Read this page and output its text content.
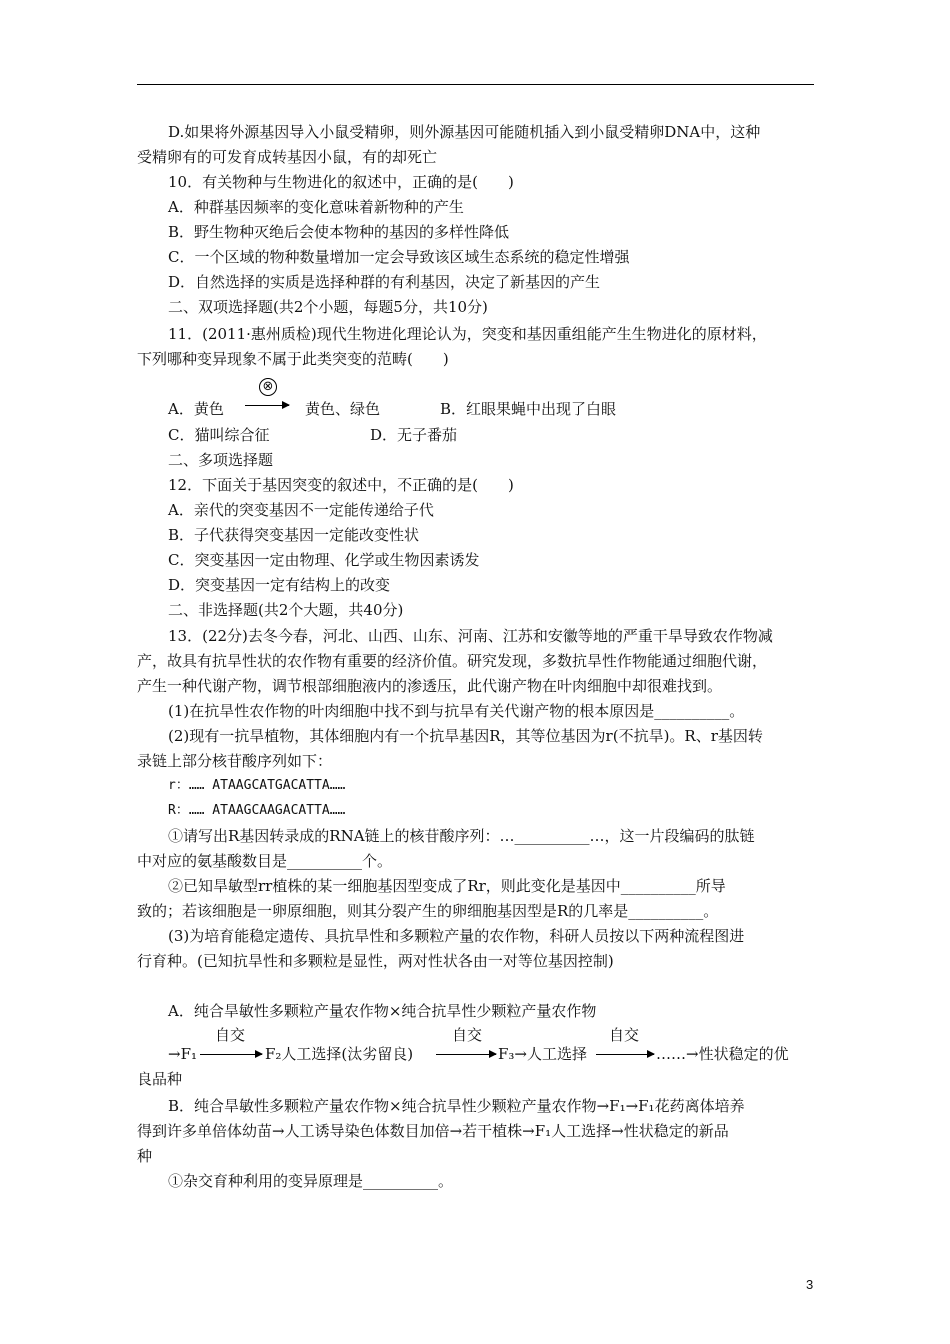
D.如果将外源基因导入小鼠受精卵，则外源基因可能随机插入到小鼠受精卵DNA中，这种
受精卵有的可发育成转基因小鼠，有的却死亡
10．有关物种与生物进化的叙述中，正确的是(　　)
A．种群基因频率的变化意味着新物种的产生
B．野生物种灭绝后会使本物种的基因的多样性降低
C．一个区域的物种数量增加一定会导致该区域生态系统的稳定性增强
D．自然选择的实质是选择种群的有利基因，决定了新基因的产生
二、双项选择题(共2个小题，每题5分，共10分)
11．(2011·惠州质检)现代生物进化理论认为，突变和基因重组能产生生物进化的原材料，
下列哪种变异现象不属于此类突变的范畴(　　)
A．黄色
⊗
黄色、绿色	B．红眼果蝇中出现了白眼
C．猫叫综合征	D．无子番茄
二、多项选择题
12．下面关于基因突变的叙述中，不正确的是(　　)
A．亲代的突变基因不一定能传递给子代
B．子代获得突变基因一定能改变性状
C．突变基因一定由物理、化学或生物因素诱发
D．突变基因一定有结构上的改变
二、非选择题(共2个大题，共40分)
13．(22分)去冬今春，河北、山西、山东、河南、江苏和安徽等地的严重干旱导致农作物减
产，故具有抗旱性状的农作物有重要的经济价值。研究发现，多数抗旱性作物能通过细胞代谢，
产生一种代谢产物，调节根部细胞液内的渗透压，此代谢产物在叶肉细胞中却很难找到。
(1)在抗旱性农作物的叶肉细胞中找不到与抗旱有关代谢产物的根本原因是__________。
(2)现有一抗旱植物，其体细胞内有一个抗旱基因R，其等位基因为r(不抗旱)。R、r基因转
录链上部分核苷酸序列如下：
r：…… ATAAGCATGACATTA……
R：…… ATAAGCAAGACATTA……
①请写出R基因转录成的RNA链上的核苷酸序列：…__________…，这一片段编码的肽链
中对应的氨基酸数目是__________个。
②已知旱敏型rr植株的某一细胞基因型变成了Rr，则此变化是基因中__________所导
致的；若该细胞是一卵原细胞，则其分裂产生的卵细胞基因型是R的几率是__________。
(3)为培育能稳定遗传、具抗旱性和多颗粒产量的农作物，科研人员按以下两种流程图进
行育种。(已知抗旱性和多颗粒是显性，两对性状各由一对等位基因控制)
A．纯合旱敏性多颗粒产量农作物×纯合抗旱性少颗粒产量农作物
→F₁
自交
F₂人工选择(汰劣留良)
自交
F₃→人工选择
自交
……→性状稳定的优
良品种
B．纯合旱敏性多颗粒产量农作物×纯合抗旱性少颗粒产量农作物→F₁→F₁花药离体培养
得到许多单倍体幼苗→人工诱导染色体数目加倍→若干植株→F₁人工选择→性状稳定的新品
种
①杂交育种利用的变异原理是__________。
3
